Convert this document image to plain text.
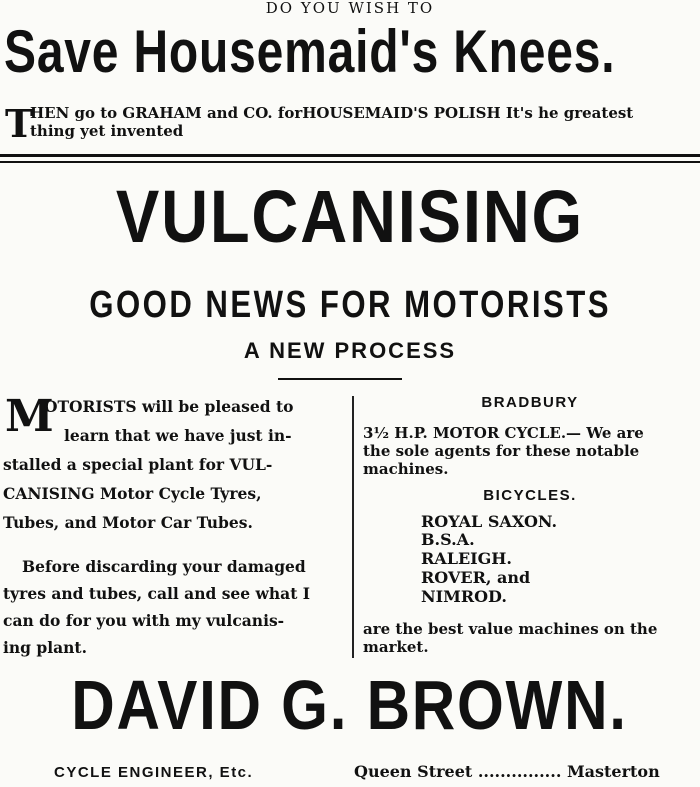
DO YOU WISH TO
Save Housemaid's Knees.
T
HEN go to GRAHAM and CO. forHOUSEMAID'S POLISH It's he greatest
thing yet invented
VULCANISING
GOOD NEWS FOR MOTORISTS
A NEW PROCESS
M
OTORISTS will be pleased to
learn that we have just in-
stalled a special plant for VUL-
CANISING Motor Cycle Tyres,
Tubes, and Motor Car Tubes.
Before discarding your damaged
tyres and tubes, call and see what I
can do for you with my vulcanis-
ing plant.
BRADBURY
3½ H.P. MOTOR CYCLE.— We are
the sole agents for these notable
machines.
BICYCLES.
ROYAL SAXON.
B.S.A.
RALEIGH.
ROVER, and
NIMROD.
are the best value machines on the
market.
DAVID G. BROWN.
CYCLE ENGINEER, Etc.	Queen Street ............... Masterton
